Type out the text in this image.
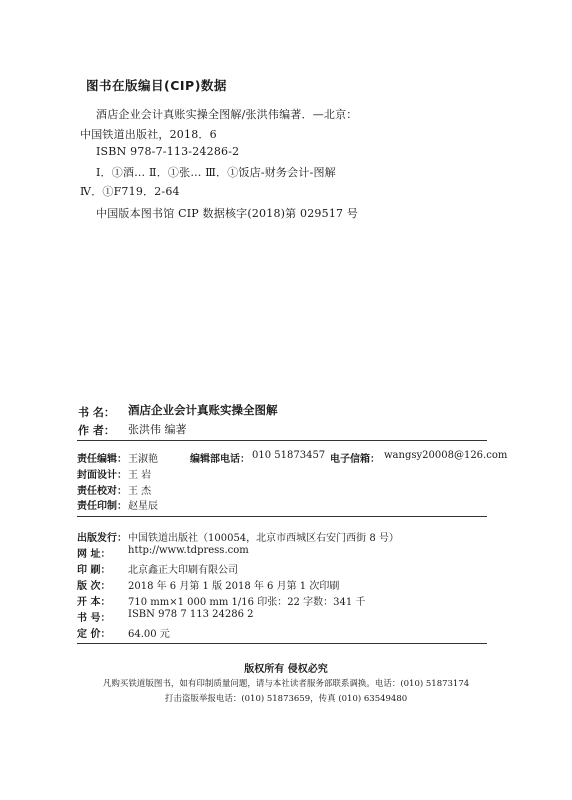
图书在版编目(CIP)数据
酒店企业会计真账实操全图解/张洪伟编著．—北京：
中国铁道出版社，2018．6
ISBN 978-7-113-24286-2
Ⅰ．①酒… Ⅱ．①张… Ⅲ．①饭店-财务会计-图解
Ⅳ．①F719．2-64
中国版本图书馆 CIP 数据核字(2018)第 029517 号
书 名： 酒店企业会计真账实操全图解
作 者： 张洪伟 编著
责任编辑： 王淑艳	编辑部电话： 010 51873457 电子信箱： wangsy20008@126.com
封面设计： 王 岩
责任校对： 王 杰
责任印制： 赵星辰
出版发行： 中国铁道出版社（100054，北京市西城区右安门西街 8 号）
网 址： http://www.tdpress.com
印 刷： 北京鑫正大印刷有限公司
版 次： 2018 年 6 月第 1 版 2018 年 6 月第 1 次印刷
开 本： 710 mm×1 000 mm 1/16 印张：22 字数：341 千
书 号： ISBN 978 7 113 24286 2
定 价： 64.00 元
版权所有 侵权必究
凡购买铁道版图书，如有印制质量问题，请与本社读者服务部联系调换。电话：(010) 51873174
打击盗版举报电话：(010) 51873659，传真 (010) 63549480
